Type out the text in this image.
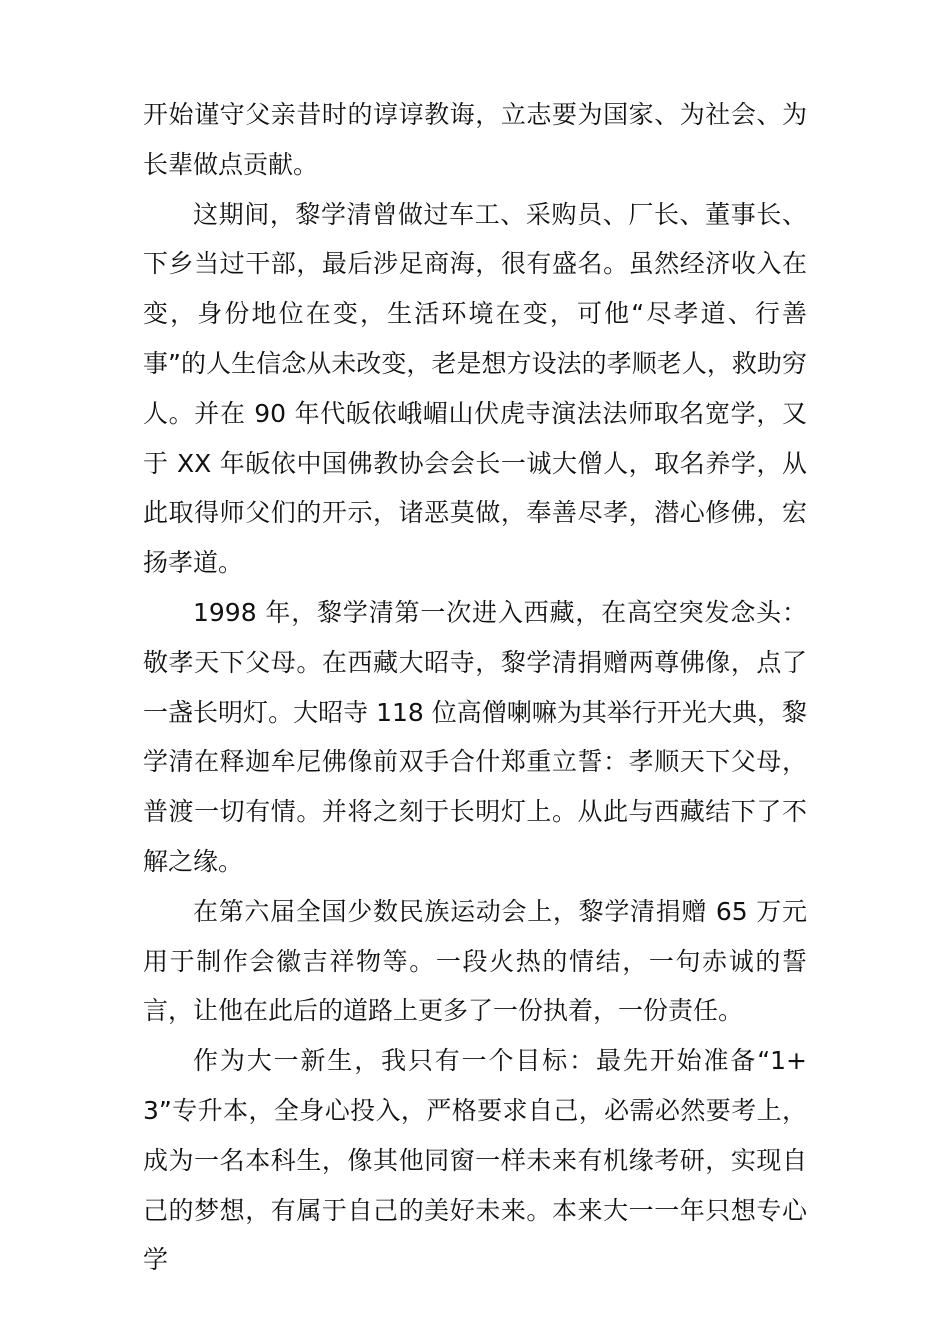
开始谨守父亲昔时的谆谆教诲，立志要为国家、为社会、为长辈做点贡献。

这期间，黎学清曾做过车工、采购员、厂长、董事长、下乡当过干部，最后涉足商海，很有盛名。虽然经济收入在变，身份地位在变，生活环境在变，可他“尽孝道、行善事”的人生信念从未改变，老是想方设法的孝顺老人，救助穷人。并在 90 年代皈依峨嵋山伏虎寺演法法师取名宽学，又于 XX 年皈依中国佛教协会会长一诚大僧人，取名养学，从此取得师父们的开示，诸恶莫做，奉善尽孝，潜心修佛，宏扬孝道。

1998 年，黎学清第一次进入西藏，在高空突发念头：敬孝天下父母。在西藏大昭寺，黎学清捐赠两尊佛像，点了一盏长明灯。大昭寺 118 位高僧喇嘛为其举行开光大典，黎学清在释迦牟尼佛像前双手合什郑重立誓：孝顺天下父母，普渡一切有情。并将之刻于长明灯上。从此与西藏结下了不解之缘。

在第六届全国少数民族运动会上，黎学清捐赠 65 万元用于制作会徽吉祥物等。一段火热的情结，一句赤诚的誓言，让他在此后的道路上更多了一份执着，一份责任。

作为大一新生，我只有一个目标：最先开始准备“1+3”专升本，全身心投入，严格要求自己，必需必然要考上，成为一名本科生，像其他同窗一样未来有机缘考研，实现自己的梦想，有属于自己的美好未来。本来大一一年只想专心学
